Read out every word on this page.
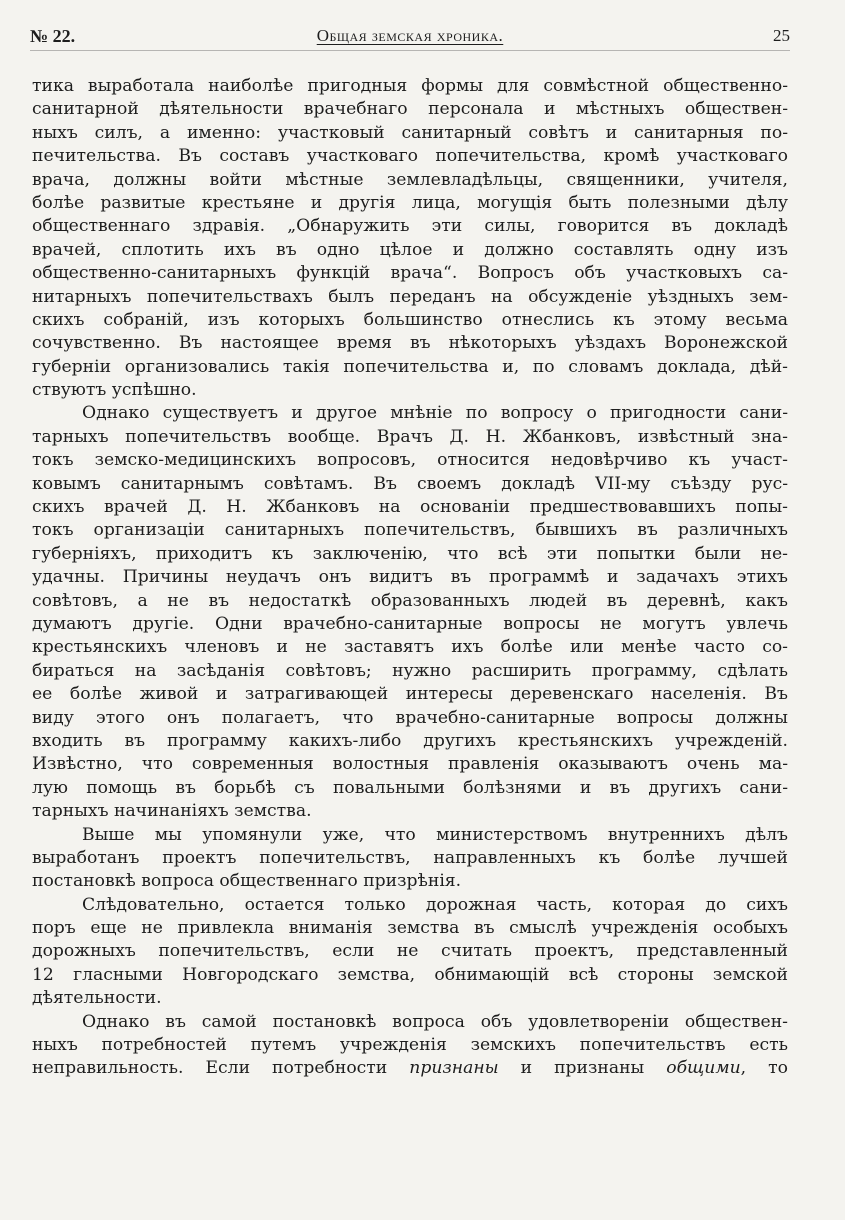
№ 22.	Общая земская хроника.	25
тика выработала наиболѣе пригодныя формы для совмѣстной общественно-
санитарной дѣятельности врачебнаго персонала и мѣстныхъ обществен-
ныхъ силъ, а именно: участковый санитарный совѣтъ и санитарныя по-
печительства. Въ составъ участковаго попечительства, кромѣ участковаго
врача, должны войти мѣстные землевладѣльцы, священники, учителя,
болѣе развитые крестьяне и другія лица, могущія быть полезными дѣлу
общественнаго здравія. „Обнаружить эти силы, говорится въ докладѣ
врачей, сплотить ихъ въ одно цѣлое и должно составлять одну изъ
общественно-санитарныхъ функцій врача“. Вопросъ объ участковыхъ са-
нитарныхъ попечительствахъ былъ переданъ на обсужденіе уѣздныхъ зем-
скихъ собраній, изъ которыхъ большинство отнеслись къ этому весьма
сочувственно. Въ настоящее время въ нѣкоторыхъ уѣздахъ Воронежской
губерніи организовались такія попечительства и, по словамъ доклада, дѣй-
ствуютъ успѣшно.
Однако существуетъ и другое мнѣніе по вопросу о пригодности сани-
тарныхъ попечительствъ вообще. Врачъ Д. Н. Жбанковъ, извѣстный зна-
токъ земско-медицинскихъ вопросовъ, относится недовѣрчиво къ участ-
ковымъ санитарнымъ совѣтамъ. Въ своемъ докладѣ VII-му съѣзду рус-
скихъ врачей Д. Н. Жбанковъ на основаніи предшествовавшихъ попы-
токъ организаціи санитарныхъ попечительствъ, бывшихъ въ различныхъ
губерніяхъ, приходитъ къ заключенію, что всѣ эти попытки были не-
удачны. Причины неудачъ онъ видитъ въ программѣ и задачахъ этихъ
совѣтовъ, а не въ недостаткѣ образованныхъ людей въ деревнѣ, какъ
думаютъ другіе. Одни врачебно-санитарные вопросы не могутъ увлечь
крестьянскихъ членовъ и не заставятъ ихъ болѣе или менѣе часто со-
бираться на засѣданія совѣтовъ; нужно расширить программу, сдѣлать
ее болѣе живой и затрагивающей интересы деревенскаго населенія. Въ
виду этого онъ полагаетъ, что врачебно-санитарные вопросы должны
входить въ программу какихъ-либо другихъ крестьянскихъ учрежденій.
Извѣстно, что современныя волостныя правленія оказываютъ очень ма-
лую помощь въ борьбѣ съ повальными болѣзнями и въ другихъ сани-
тарныхъ начинаніяхъ земства.
Выше мы упомянули уже, что министерствомъ внутреннихъ дѣлъ
выработанъ проектъ попечительствъ, направленныхъ къ болѣе лучшей
постановкѣ вопроса общественнаго призрѣнія.
Слѣдовательно, остается только дорожная часть, которая до сихъ
поръ еще не привлекла вниманія земства въ смыслѣ учрежденія особыхъ
дорожныхъ попечительствъ, если не считать проектъ, представленный
12 гласными Новгородскаго земства, обнимающій всѣ стороны земской
дѣятельности.
Однако въ самой постановкѣ вопроса объ удовлетвореніи обществен-
ныхъ потребностей путемъ учрежденія земскихъ попечительствъ есть
неправильность. Если потребности признаны и признаны общими, то
